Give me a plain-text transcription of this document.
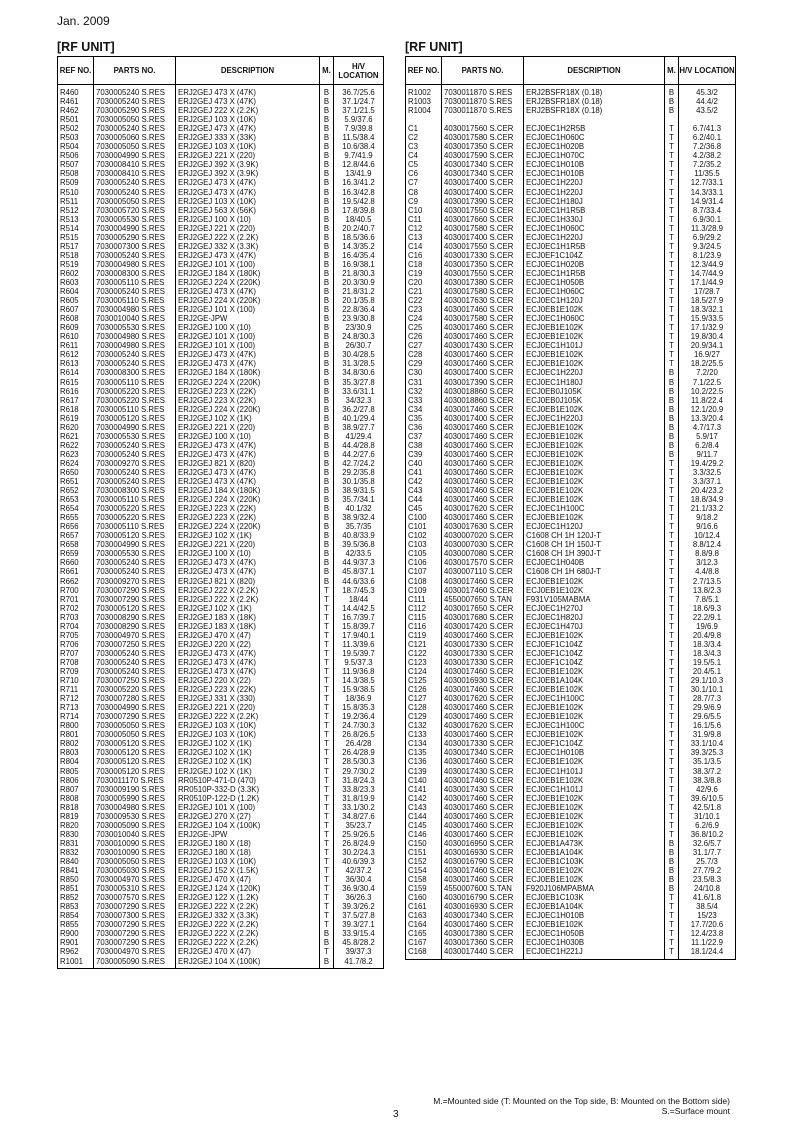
Jan. 2009
[RF UNIT]	[RF UNIT]
REF NO.	PARTS NO.	DESCRIPTION	M.	H/V LOCATION
R460	7030005240 S.RES	ERJ2GEJ 473 X (47K)	B	36.7/25.6
R461	7030005240 S.RES	ERJ2GEJ 473 X (47K)	B	37.1/24.7
R462	7030005290 S.RES	ERJ2GEJ 222 X (2.2K)	B	37.1/21.5
R501	7030005050 S.RES	ERJ2GEJ 103 X (10K)	B	5.9/37.6
R502	7030005240 S.RES	ERJ2GEJ 473 X (47K)	B	7.9/39.8
R503	7030005060 S.RES	ERJ2GEJ 333 X (33K)	B	11.5/38.4
R504	7030005050 S.RES	ERJ2GEJ 103 X (10K)	B	10.6/38.4
R506	7030004990 S.RES	ERJ2GEJ 221 X (220)	B	9.7/41.9
R507	7030008410 S.RES	ERJ2GEJ 392 X (3.9K)	B	12.8/44.6
R508	7030008410 S.RES	ERJ2GEJ 392 X (3.9K)	B	13/41.9
R509	7030005240 S.RES	ERJ2GEJ 473 X (47K)	B	16.3/41.2
R510	7030005240 S.RES	ERJ2GEJ 473 X (47K)	B	16.3/42.8
R511	7030005050 S.RES	ERJ2GEJ 103 X (10K)	B	19.5/42.8
R512	7030005720 S.RES	ERJ2GEJ 563 X (56K)	B	17.8/39.8
R513	7030005530 S.RES	ERJ2GEJ 100 X (10)	B	18/40.5
R514	7030004990 S.RES	ERJ2GEJ 221 X (220)	B	20.2/40.7
R515	7030005290 S.RES	ERJ2GEJ 222 X (2.2K)	B	18.5/36.6
R517	7030007300 S.RES	ERJ2GEJ 332 X (3.3K)	B	14.3/35.2
R518	7030005240 S.RES	ERJ2GEJ 473 X (47K)	B	16.4/35.4
R519	7030004980 S.RES	ERJ2GEJ 101 X (100)	B	16.9/38.1
R602	7030008300 S.RES	ERJ2GEJ 184 X (180K)	B	21.8/30.3
R603	7030005110 S.RES	ERJ2GEJ 224 X (220K)	B	20.3/30.9
R604	7030005240 S.RES	ERJ2GEJ 473 X (47K)	B	21.8/31.2
R605	7030005110 S.RES	ERJ2GEJ 224 X (220K)	B	20.1/35.8
R607	7030004980 S.RES	ERJ2GEJ 101 X (100)	B	22.8/36.4
R608	7030010040 S.RES	ERJ2GE-JPW	B	23.9/30.8
R609	7030005530 S.RES	ERJ2GEJ 100 X (10)	B	23/30.9
R610	7030004980 S.RES	ERJ2GEJ 101 X (100)	B	24.8/30.3
R611	7030004980 S.RES	ERJ2GEJ 101 X (100)	B	26/30.7
R612	7030005240 S.RES	ERJ2GEJ 473 X (47K)	B	30.4/28.5
R613	7030005240 S.RES	ERJ2GEJ 473 X (47K)	B	31.3/28.5
R614	7030008300 S.RES	ERJ2GEJ 184 X (180K)	B	34.8/30.6
R615	7030005110 S.RES	ERJ2GEJ 224 X (220K)	B	35.3/27.8
R616	7030005220 S.RES	ERJ2GEJ 223 X (22K)	B	33.6/31.1
R617	7030005220 S.RES	ERJ2GEJ 223 X (22K)	B	34/32.3
R618	7030005110 S.RES	ERJ2GEJ 224 X (220K)	B	36.2/27.8
R619	7030005120 S.RES	ERJ2GEJ 102 X (1K)	B	40.1/29.4
R620	7030004990 S.RES	ERJ2GEJ 221 X (220)	B	38.9/27.7
R621	7030005530 S.RES	ERJ2GEJ 100 X (10)	B	41/29.4
R622	7030005240 S.RES	ERJ2GEJ 473 X (47K)	B	44.4/28.8
R623	7030005240 S.RES	ERJ2GEJ 473 X (47K)	B	44.2/27.6
R624	7030009270 S.RES	ERJ2GEJ 821 X (820)	B	42.7/24.2
R650	7030005240 S.RES	ERJ2GEJ 473 X (47K)	B	29.2/35.8
R651	7030005240 S.RES	ERJ2GEJ 473 X (47K)	B	30.1/35.8
R652	7030008300 S.RES	ERJ2GEJ 184 X (180K)	B	38.9/31.5
R653	7030005110 S.RES	ERJ2GEJ 224 X (220K)	B	35.7/34.1
R654	7030005220 S.RES	ERJ2GEJ 223 X (22K)	B	40.1/32
R655	7030005220 S.RES	ERJ2GEJ 223 X (22K)	B	38.9/32.4
R656	7030005110 S.RES	ERJ2GEJ 224 X (220K)	B	35.7/35
R657	7030005120 S.RES	ERJ2GEJ 102 X (1K)	B	40.8/33.9
R658	7030004990 S.RES	ERJ2GEJ 221 X (220)	B	39.5/36.8
R659	7030005530 S.RES	ERJ2GEJ 100 X (10)	B	42/33.5
R660	7030005240 S.RES	ERJ2GEJ 473 X (47K)	B	44.9/37.3
R661	7030005240 S.RES	ERJ2GEJ 473 X (47K)	B	45.8/37.1
R662	7030009270 S.RES	ERJ2GEJ 821 X (820)	B	44.6/33.6
R700	7030007290 S.RES	ERJ2GEJ 222 X (2.2K)	T	18.7/45.3
R701	7030007290 S.RES	ERJ2GEJ 222 X (2.2K)	T	18/44
R702	7030005120 S.RES	ERJ2GEJ 102 X (1K)	T	14.4/42.5
R703	7030008290 S.RES	ERJ2GEJ 183 X (18K)	T	16.7/39.7
R704	7030008290 S.RES	ERJ2GEJ 183 X (18K)	T	15.8/39.7
R705	7030004970 S.RES	ERJ2GEJ 470 X (47)	T	17.9/40.1
R706	7030007250 S.RES	ERJ2GEJ 220 X (22)	T	11.3/39.6
R707	7030005240 S.RES	ERJ2GEJ 473 X (47K)	T	19.5/39.7
R708	7030005240 S.RES	ERJ2GEJ 473 X (47K)	T	9.5/37.3
R709	7030005240 S.RES	ERJ2GEJ 473 X (47K)	T	11.9/36.8
R710	7030007250 S.RES	ERJ2GEJ 220 X (22)	T	14.3/38.5
R711	7030005220 S.RES	ERJ2GEJ 223 X (22K)	T	15.9/38.5
R712	7030007280 S.RES	ERJ2GEJ 331 X (330)	T	18/36.9
R713	7030004990 S.RES	ERJ2GEJ 221 X (220)	T	15.8/35.3
R714	7030007290 S.RES	ERJ2GEJ 222 X (2.2K)	T	19.2/36.4
R800	7030005050 S.RES	ERJ2GEJ 103 X (10K)	T	24.7/30.3
R801	7030005050 S.RES	ERJ2GEJ 103 X (10K)	T	26.8/26.5
R802	7030005120 S.RES	ERJ2GEJ 102 X (1K)	T	26.4/28
R803	7030005120 S.RES	ERJ2GEJ 102 X (1K)	T	26.4/28.9
R804	7030005120 S.RES	ERJ2GEJ 102 X (1K)	T	28.5/30.3
R805	7030005120 S.RES	ERJ2GEJ 102 X (1K)	T	29.7/30.2
R806	7030011170 S.RES	RR0510P-471-D (470)	T	31.8/24.3
R807	7030009190 S.RES	RR0510P-332-D (3.3K)	T	33.8/23.3
R808	7030005990 S.RES	RR0510P-122-D (1.2K)	T	31.8/19.9
R818	7030004980 S.RES	ERJ2GEJ 101 X (100)	T	33.1/30.2
R819	7030009530 S.RES	ERJ2GEJ 270 X (27)	T	34.8/27.6
R820	7030005090 S.RES	ERJ2GEJ 104 X (100K)	T	35/23.7
R830	7030010040 S.RES	ERJ2GE-JPW	T	25.9/26.5
R831	7030010090 S.RES	ERJ2GEJ 180 X (18)	T	26.8/24.9
R832	7030010090 S.RES	ERJ2GEJ 180 X (18)	T	30.2/24.3
R840	7030005050 S.RES	ERJ2GEJ 103 X (10K)	T	40.6/39.3
R841	7030005030 S.RES	ERJ2GEJ 152 X (1.5K)	T	42/37.2
R850	7030004970 S.RES	ERJ2GEJ 470 X (47)	T	36/30.4
R851	7030005310 S.RES	ERJ2GEJ 124 X (120K)	T	36.9/30.4
R852	7030007570 S.RES	ERJ2GEJ 122 X (1.2K)	T	36/26.3
R853	7030007290 S.RES	ERJ2GEJ 222 X (2.2K)	T	39.3/26.2
R854	7030007300 S.RES	ERJ2GEJ 332 X (3.3K)	T	37.5/27.8
R855	7030007290 S.RES	ERJ2GEJ 222 X (2.2K)	T	39.3/27.1
R900	7030007290 S.RES	ERJ2GEJ 222 X (2.2K)	B	33.9/15.4
R901	7030007290 S.RES	ERJ2GEJ 222 X (2.2K)	B	45.8/28.2
R962	7030004970 S.RES	ERJ2GEJ 470 X (47)	T	39/37.3
R1001	7030005090 S.RES	ERJ2GEJ 104 X (100K)	B	41.7/8.2
REF NO.	PARTS NO.	DESCRIPTION	M.	H/V LOCATION
R1002	7030011870 S.RES	ERJ2BSFR18X (0.18)	B	45.3/2
R1003	7030011870 S.RES	ERJ2BSFR18X (0.18)	B	44.4/2
R1004	7030011870 S.RES	ERJ2BSFR18X (0.18)	B	43.5/2

C1	4030017560 S.CER	ECJ0EC1H2R5B	T	6.7/41.3
C2	4030017580 S.CER	ECJ0EC1H060C	T	6.2/40.1
C3	4030017350 S.CER	ECJ0EC1H020B	T	7.2/36.8
C4	4030017590 S.CER	ECJ0EC1H070C	T	4.2/38.2
C5	4030017340 S.CER	ECJ0EC1H010B	T	7.2/35.2
C6	4030017340 S.CER	ECJ0EC1H010B	T	11/35.5
C7	4030017400 S.CER	ECJ0EC1H220J	T	12.7/33.1
C8	4030017400 S.CER	ECJ0EC1H220J	T	14.3/33.1
C9	4030017390 S.CER	ECJ0EC1H180J	T	14.9/31.4
C10	4030017550 S.CER	ECJ0EC1H1R5B	T	8.7/33.4
C11	4030017660 S.CER	ECJ0EC1H330J	T	6.9/30.1
C12	4030017580 S.CER	ECJ0EC1H060C	T	11.3/28.9
C13	4030017400 S.CER	ECJ0EC1H220J	T	6.9/29.2
C14	4030017550 S.CER	ECJ0EC1H1R5B	T	9.3/24.5
C16	4030017330 S.CER	ECJ0EF1C104Z	T	8.1/23.9
C18	4030017350 S.CER	ECJ0EC1H020B	T	12.3/44.9
C19	4030017550 S.CER	ECJ0EC1H1R5B	T	14.7/44.9
C20	4030017380 S.CER	ECJ0EC1H050B	T	17.1/44.9
C21	4030017580 S.CER	ECJ0EC1H060C	T	17/28.7
C22	4030017630 S.CER	ECJ0EC1H120J	T	18.5/27.9
C23	4030017460 S.CER	ECJ0EB1E102K	T	18.3/32.1
C24	4030017580 S.CER	ECJ0EC1H060C	T	15.9/33.5
C25	4030017460 S.CER	ECJ0EB1E102K	T	17.1/32.9
C26	4030017460 S.CER	ECJ0EB1E102K	T	19.8/30.4
C27	4030017430 S.CER	ECJ0EC1H101J	T	20.9/34.1
C28	4030017460 S.CER	ECJ0EB1E102K	T	16.9/27
C29	4030017460 S.CER	ECJ0EB1E102K	T	18.2/25.5
C30	4030017400 S.CER	ECJ0EC1H220J	B	7.2/20
C31	4030017390 S.CER	ECJ0EC1H180J	B	7.1/22.5
C32	4030018860 S.CER	ECJ0EB0J105K	B	10.2/22.5
C33	4030018860 S.CER	ECJ0EB0J105K	B	11.8/22.4
C34	4030017460 S.CER	ECJ0EB1E102K	B	12.1/20.9
C35	4030017400 S.CER	ECJ0EC1H220J	B	13.3/20.4
C36	4030017460 S.CER	ECJ0EB1E102K	B	4.7/17.3
C37	4030017460 S.CER	ECJ0EB1E102K	B	5.9/17
C38	4030017460 S.CER	ECJ0EB1E102K	B	6.2/8.4
C39	4030017460 S.CER	ECJ0EB1E102K	B	9/11.7
C40	4030017460 S.CER	ECJ0EB1E102K	T	19.4/29.2
C41	4030017460 S.CER	ECJ0EB1E102K	T	3.3/32.5
C42	4030017460 S.CER	ECJ0EB1E102K	T	3.3/37.1
C43	4030017460 S.CER	ECJ0EB1E102K	T	20.4/23.2
C44	4030017460 S.CER	ECJ0EB1E102K	T	18.8/34.9
C45	4030017620 S.CER	ECJ0EC1H100C	T	21.1/33.2
C100	4030017460 S.CER	ECJ0EB1E102K	T	9/18.2
C101	4030017630 S.CER	ECJ0EC1H120J	T	9/16.6
C102	4030007020 S.CER	C1608 CH 1H 120J-T	T	10/12.4
C103	4030007030 S.CER	C1608 CH 1H 150J-T	T	8.8/12.4
C105	4030007080 S.CER	C1608 CH 1H 390J-T	T	8.8/9.8
C106	4030017570 S.CER	ECJ0EC1H040B	T	3/12.3
C107	4030007110 S.CER	C1608 CH 1H 680J-T	T	4.4/8.8
C108	4030017460 S.CER	ECJ0EB1E102K	T	2.7/13.5
C109	4030017460 S.CER	ECJ0EB1E102K	T	13.8/2.3
C111	4550007650 S.TAN	F931V105MABMA	T	7.8/5.1
C112	4030017650 S.CER	ECJ0EC1H270J	T	18.6/9.3
C115	4030017680 S.CER	ECJ0EC1H820J	T	22.2/9.1
C116	4030017420 S.CER	ECJ0EC1H470J	T	19/6.9
C119	4030017460 S.CER	ECJ0EB1E102K	T	20.4/9.8
C121	4030017330 S.CER	ECJ0EF1C104Z	T	18.3/3.4
C122	4030017330 S.CER	ECJ0EF1C104Z	T	18.3/4.3
C123	4030017330 S.CER	ECJ0EF1C104Z	T	19.5/5.1
C124	4030017460 S.CER	ECJ0EB1E102K	T	20.4/5.1
C125	4030016930 S.CER	ECJ0EB1A104K	T	29.1/10.3
C126	4030017460 S.CER	ECJ0EB1E102K	T	30.1/10.1
C127	4030017620 S.CER	ECJ0EC1H100C	T	28.7/7.3
C128	4030017460 S.CER	ECJ0EB1E102K	T	29.9/6.9
C129	4030017460 S.CER	ECJ0EB1E102K	T	29.6/5.5
C132	4030017620 S.CER	ECJ0EC1H100C	T	16.1/5.6
C133	4030017460 S.CER	ECJ0EB1E102K	T	31.9/9.8
C134	4030017330 S.CER	ECJ0EF1C104Z	T	33.1/10.4
C135	4030017340 S.CER	ECJ0EC1H010B	T	39.3/25.3
C136	4030017460 S.CER	ECJ0EB1E102K	T	35.1/3.5
C139	4030017430 S.CER	ECJ0EC1H101J	T	38.3/7.2
C140	4030017460 S.CER	ECJ0EB1E102K	T	38.3/8.8
C141	4030017430 S.CER	ECJ0EC1H101J	T	42/9.6
C142	4030017460 S.CER	ECJ0EB1E102K	T	39.6/10.5
C143	4030017460 S.CER	ECJ0EB1E102K	T	42.5/1.8
C144	4030017460 S.CER	ECJ0EB1E102K	T	31/10.1
C145	4030017460 S.CER	ECJ0EB1E102K	T	6.2/6.9
C146	4030017460 S.CER	ECJ0EB1E102K	T	36.8/10.2
C150	4030016950 S.CER	ECJ0EB1A473K	B	32.6/5.7
C151	4030016930 S.CER	ECJ0EB1A104K	B	31.1/7.7
C152	4030016790 S.CER	ECJ0EB1C103K	B	25.7/3
C154	4030017460 S.CER	ECJ0EB1E102K	B	27.7/9.2
C158	4030017460 S.CER	ECJ0EB1E102K	B	23.5/8.3
C159	4550007600 S.TAN	F920J106MPABMA	B	24/10.8
C160	4030016790 S.CER	ECJ0EB1C103K	T	41.6/1.8
C161	4030016930 S.CER	ECJ0EB1A104K	T	38.5/4
C163	4030017340 S.CER	ECJ0EC1H010B	T	15/23
C164	4030017460 S.CER	ECJ0EB1E102K	T	17.7/20.6
C165	4030017380 S.CER	ECJ0EC1H050B	T	12.4/23.8
C167	4030017360 S.CER	ECJ0EC1H030B	T	11.1/22.9
C168	4030017440 S.CER	ECJ0EC1H221J	T	18.1/24.4
M.=Mounted side (T: Mounted on the Top side, B: Mounted on the Bottom side)
S.=Surface mount
3
